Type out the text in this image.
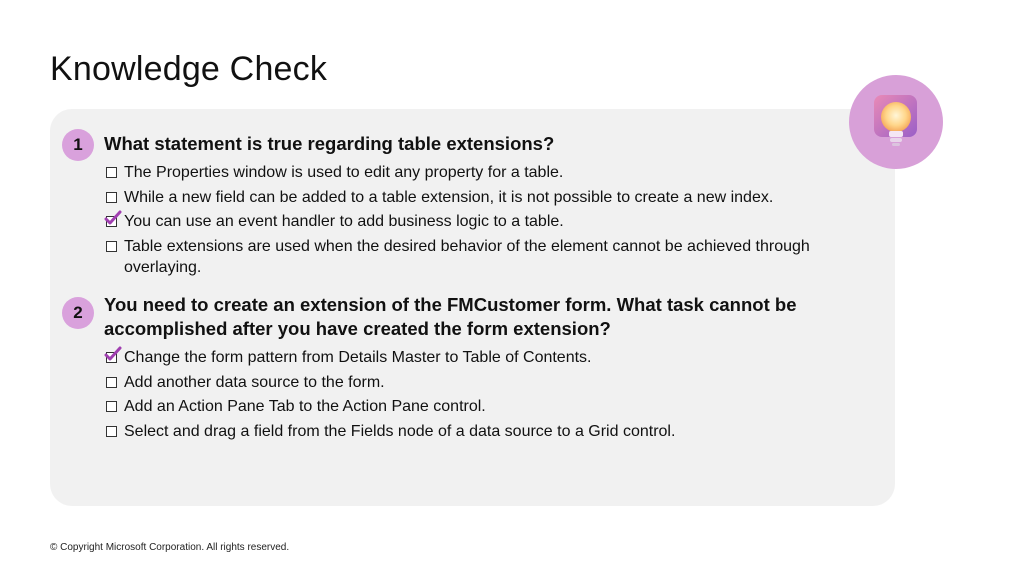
Knowledge Check
1	What statement is true regarding table extensions?
The Properties window is used to edit any property for a table.
While a new field can be added to a table extension, it is not possible to create a new index.
You can use an event handler to add business logic to a table.
Table extensions are used when the desired behavior of the element cannot be achieved through overlaying.
2	You need to create an extension of the FMCustomer form. What task cannot be accomplished after you have created the form extension?
Change the form pattern from Details Master to Table of Contents.
Add another data source to the form.
Add an Action Pane Tab to the Action Pane control.
Select and drag a field from the Fields node of a data source to a Grid control.
© Copyright Microsoft Corporation. All rights reserved.
